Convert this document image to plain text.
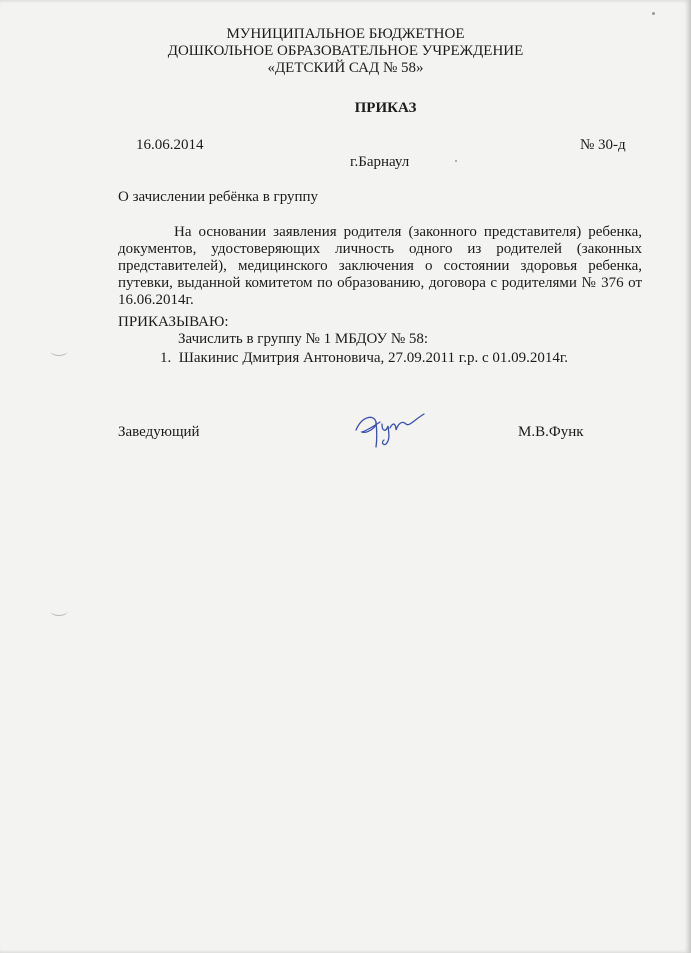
МУНИЦИПАЛЬНОЕ БЮДЖЕТНОЕ
ДОШКОЛЬНОЕ ОБРАЗОВАТЕЛЬНОЕ УЧРЕЖДЕНИЕ
«ДЕТСКИЙ САД № 58»
ПРИКАЗ
16.06.2014	№ 30-д
г.Барнаул
О зачислении ребёнка в группу
На основании заявления родителя (законного представителя) ребенка, документов, удостоверяющих личность одного из родителей (законных представителей), медицинского заключения о состоянии здоровья ребенка, путевки, выданной комитетом по образованию, договора с родителями № 376 от 16.06.2014г.
ПРИКАЗЫВАЮ:
Зачислить в группу № 1 МБДОУ № 58:
1. Шакинис Дмитрия Антоновича, 27.09.2011 г.р. с 01.09.2014г.
Заведующий	М.В.Функ
